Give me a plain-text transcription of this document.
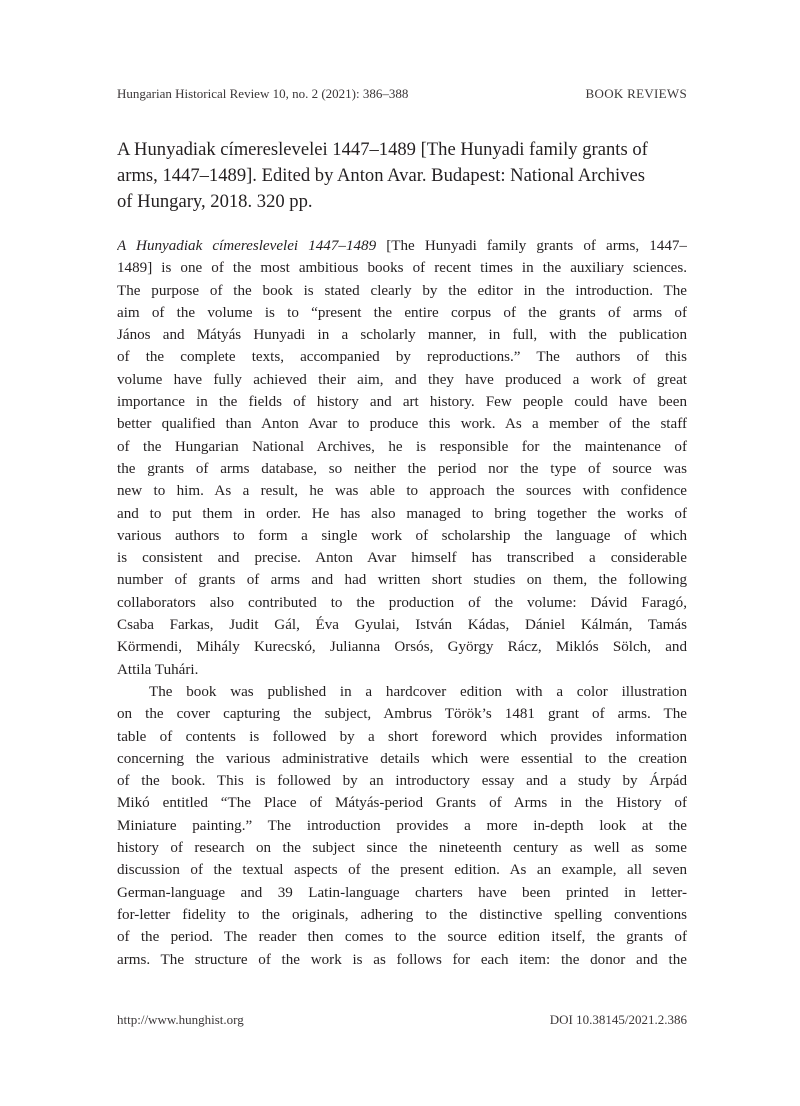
Hungarian Historical Review 10, no. 2 (2021): 386–388	BOOK REVIEWS
A Hunyadiak címereslevelei 1447–1489 [The Hunyadi family grants of
arms, 1447–1489]. Edited by Anton Avar. Budapest: National Archives
of Hungary, 2018. 320 pp.
A Hunyadiak címereslevelei 1447–1489 [The Hunyadi family grants of arms, 1447–
1489] is one of the most ambitious books of recent times in the auxiliary sciences.
The purpose of the book is stated clearly by the editor in the introduction. The
aim of the volume is to “present the entire corpus of the grants of arms of
János and Mátyás Hunyadi in a scholarly manner, in full, with the publication
of the complete texts, accompanied by reproductions.” The authors of this
volume have fully achieved their aim, and they have produced a work of great
importance in the fields of history and art history. Few people could have been
better qualified than Anton Avar to produce this work. As a member of the staff
of the Hungarian National Archives, he is responsible for the maintenance of
the grants of arms database, so neither the period nor the type of source was
new to him. As a result, he was able to approach the sources with confidence
and to put them in order. He has also managed to bring together the works of
various authors to form a single work of scholarship the language of which
is consistent and precise. Anton Avar himself has transcribed a considerable
number of grants of arms and had written short studies on them, the following
collaborators also contributed to the production of the volume: Dávid Faragó,
Csaba Farkas, Judit Gál, Éva Gyulai, István Kádas, Dániel Kálmán, Tamás
Körmendi, Mihály Kurecskó, Julianna Orsós, György Rácz, Miklós Sölch, and
Attila Tuhári.
The book was published in a hardcover edition with a color illustration
on the cover capturing the subject, Ambrus Török’s 1481 grant of arms. The
table of contents is followed by a short foreword which provides information
concerning the various administrative details which were essential to the creation
of the book. This is followed by an introductory essay and a study by Árpád
Mikó entitled “The Place of Mátyás-period Grants of Arms in the History of
Miniature painting.” The introduction provides a more in-depth look at the
history of research on the subject since the nineteenth century as well as some
discussion of the textual aspects of the present edition. As an example, all seven
German-language and 39 Latin-language charters have been printed in letter-
for-letter fidelity to the originals, adhering to the distinctive spelling conventions
of the period. The reader then comes to the source edition itself, the grants of
arms. The structure of the work is as follows for each item: the donor and the
http://www.hunghist.org	DOI 10.38145/2021.2.386
